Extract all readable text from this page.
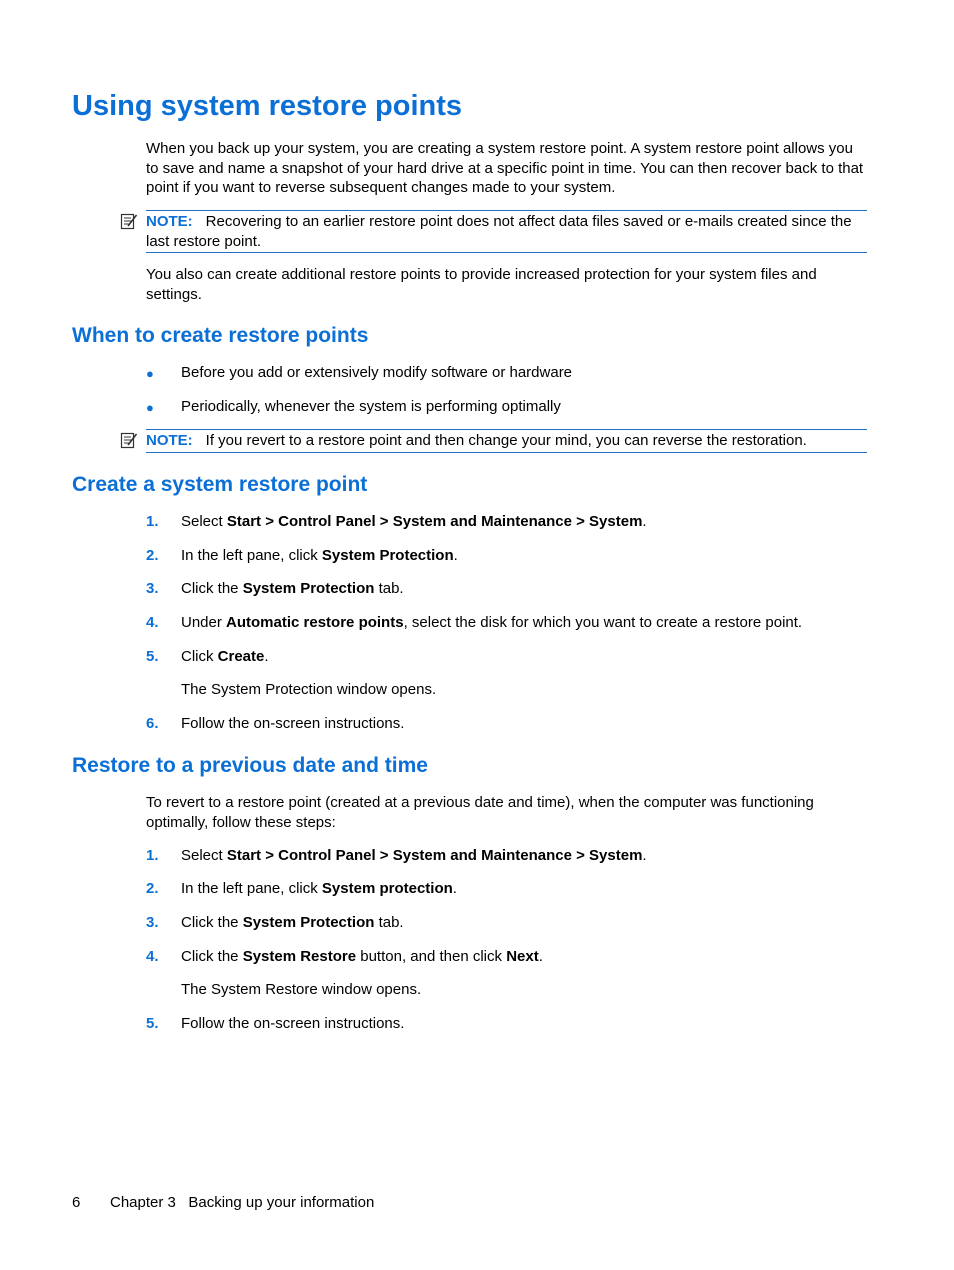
Using system restore points
When you back up your system, you are creating a system restore point. A system restore point allows you to save and name a snapshot of your hard drive at a specific point in time. You can then recover back to that point if you want to reverse subsequent changes made to your system.
NOTE: Recovering to an earlier restore point does not affect data files saved or e-mails created since the last restore point.
You also can create additional restore points to provide increased protection for your system files and settings.
When to create restore points
● Before you add or extensively modify software or hardware
● Periodically, whenever the system is performing optimally
NOTE: If you revert to a restore point and then change your mind, you can reverse the restoration.
Create a system restore point
1. Select Start > Control Panel > System and Maintenance > System.
2. In the left pane, click System Protection.
3. Click the System Protection tab.
4. Under Automatic restore points, select the disk for which you want to create a restore point.
5. Click Create.
The System Protection window opens.
6. Follow the on-screen instructions.
Restore to a previous date and time
To revert to a restore point (created at a previous date and time), when the computer was functioning optimally, follow these steps:
1. Select Start > Control Panel > System and Maintenance > System.
2. In the left pane, click System protection.
3. Click the System Protection tab.
4. Click the System Restore button, and then click Next.
The System Restore window opens.
5. Follow the on-screen instructions.
6 Chapter 3   Backing up your information
